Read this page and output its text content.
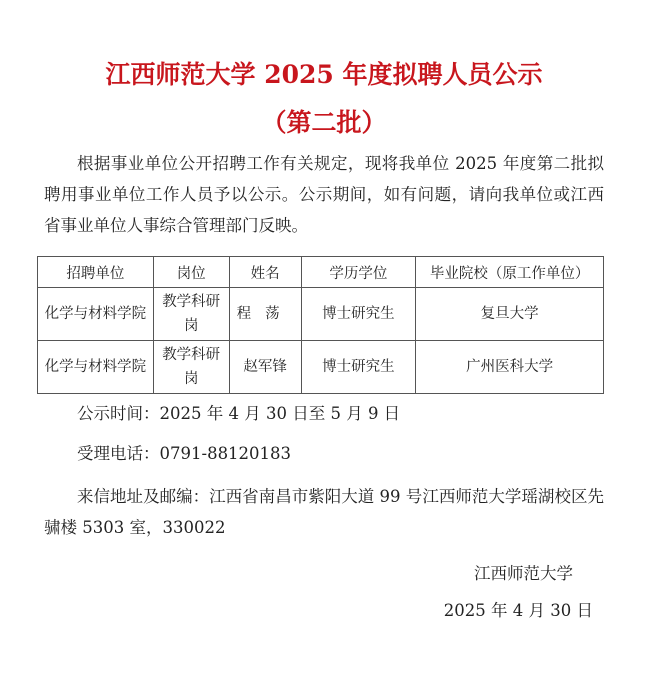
江西师范大学 2025 年度拟聘人员公示
（第二批）
根据事业单位公开招聘工作有关规定，现将我单位 2025 年度第二批拟聘用事业单位工作人员予以公示。公示期间，如有问题，请向我单位或江西省事业单位人事综合管理部门反映。
招聘单位	岗位	姓名	学历学位	毕业院校（原工作单位）
化学与材料学院	教学科研岗	程荡	博士研究生	复旦大学
化学与材料学院	教学科研岗	赵军锋	博士研究生	广州医科大学
公示时间：2025 年 4 月 30 日至 5 月 9 日
受理电话：0791-88120183
来信地址及邮编：江西省南昌市紫阳大道 99 号江西师范大学瑶湖校区先骕楼 5303 室，330022
江西师范大学
2025 年 4 月 30 日
